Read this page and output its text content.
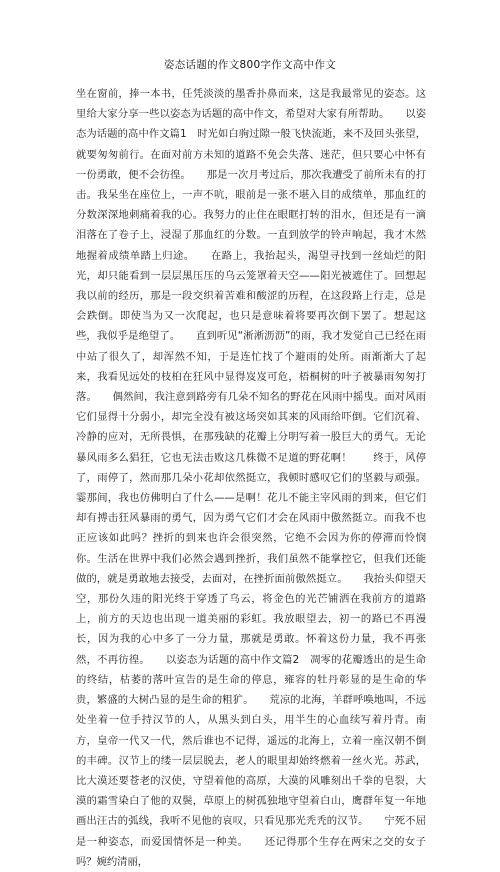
姿态话题的作文800字作文高中作文

坐在窗前，捧一本书，任凭淡淡的墨香扑鼻而来，这是我最常见的姿态。这里给大家分享一些以姿态为话题的高中作文，希望对大家有所帮助。　　以姿态为话题的高中作文篇1　时光如白驹过隙一般飞快流逝，来不及回头张望，就要匆匆前行。在面对前方未知的道路不免会失落、迷茫，但只要心中怀有一份勇敢，便不会彷徨。　　那是一次月考过后，那次我遭受了前所未有的打击。我呆坐在座位上，一声不吭，眼前是一张不堪入目的成绩单，那血红的分数深深地刺痛着我的心。我努力的止住在眼眶打转的泪水，但还是有一滴泪落在了卷子上，浸湿了那血红的分数。一直到放学的铃声响起，我才木然地握着成绩单踏上归途。　　在路上，我抬起头，渴望寻找到一丝灿烂的阳光，却只能看到一层层黑压压的乌云笼罩着天空——阳光被遮住了。回想起我以前的经历，那是一段交织着苦难和酸涩的历程，在这段路上行走，总是会跌倒。即使当为又一次爬起，也只是意味着将要再次倒下罢了。想起这些，我似乎是绝望了。　　直到听见“淅淅沥沥”的雨，我才发觉自己已经在雨中站了很久了，却浑然不知，于是连忙找了个避雨的处所。雨渐渐大了起来，我看见远处的枝桕在狂风中显得岌岌可危，梧桐树的叶子被暴雨匆匆打落。　　偶然间，我注意到路旁有几朵不知名的野花在风雨中摇曳。面对风雨它们显得十分弱小，却完全没有被这场突如其来的风雨给吓倒。它们沉着、冷静的应对，无所畏惧，在那残缺的花瓣上分明写着一股巨大的勇气。无论暴风雨多么猖狂，它也无法击败这几株微不足道的野花啊！　　终于，风停了，雨停了，然而那几朵小花却依然挺立，我顿时感叹它们的坚毅与顽强。霎那间，我也仿佛明白了什么——是啊！花儿不能主宰风雨的到来，但它们却有搏击狂风暴雨的勇气，因为勇气它们才会在风雨中傲然挺立。而我不也正应该如此吗？挫折的到来也许会很突然，它绝不会因为你的停滞而怜悯你。生活在世界中我们必然会遇到挫折，我们虽然不能掌控它，但我们还能做的，就是勇敢地去接受，去面对，在挫折面前傲然挺立。　　我抬头仰望天空，那份久违的阳光终于穿透了乌云，将金色的光芒铺洒在我前方的道路上，前方的天边也出现一道美丽的彩虹。我放眼望去，初一的路已不再漫长，因为我的心中多了一分力量，那就是勇敢。怀着这份力量，我不再张然，不再彷徨。　　以姿态为话题的高中作文篇2　凋零的花瓣透出的是生命的终结，枯萎的落叶宣告的是生命的停息，雍容的牡丹彰显的是生命的华贵，繁盛的大树凸显的是生命的粗犷。　　荒凉的北海，羊群呼唤地叫，不远处坐着一位手持汉节的人，从黑头到白头，用半生的心血续写着丹青。南方，皇帝一代又一代，然后谁也不记得，遥远的北海上，立着一座汉朝不倒的丰碑。汉节上的缕一层层脱去，老人的眼里却始终燃着一丝火光。苏武，比大漠还要苍老的汉使，守望着他的高原，大漠的风雕刻出千拳的皂裂，大漠的霜雪染白了他的双鬓，草原上的树孤独地守望着白山，鹰群年复一年地画出汪古的弧线，我听不见他的哀叹，只看见那光秃秃的汉节。　　宁死不屈是一种姿态，而爱国情怀是一种美。　　还记得那个生存在两宋之交的女子吗？婉约清丽，
